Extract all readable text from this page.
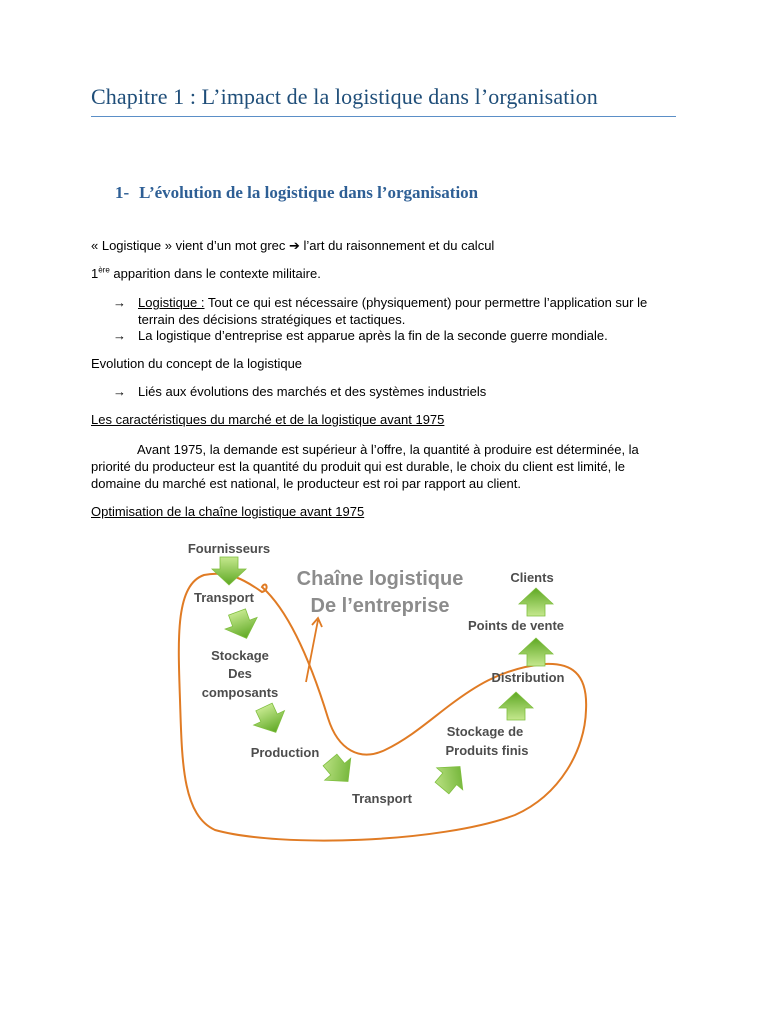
Chapitre 1 : L’impact de la logistique dans l’organisation
1- L’évolution de la logistique dans l’organisation
« Logistique » vient d’un mot grec ➔ l’art du raisonnement et du calcul
1ère apparition dans le contexte militaire.
→ Logistique : Tout ce qui est nécessaire (physiquement) pour permettre l’application sur le
terrain des décisions stratégiques et tactiques.
→ La logistique d’entreprise est apparue après la fin de la seconde guerre mondiale.
Evolution du concept de la logistique
→ Liés aux évolutions des marchés et des systèmes industriels
Les caractéristiques du marché et de la logistique avant 1975
Avant 1975, la demande est supérieur à l’offre, la quantité à produire est déterminée, la
priorité du producteur est la quantité du produit qui est durable, le choix du client est limité, le
domaine du marché est national, le producteur est roi par rapport au client.
Optimisation de la chaîne logistique avant 1975
Chaîne logistique
De l’entreprise
Fournisseurs
Transport
Stockage
Des
composants
Production
Transport
Stockage de
Produits finis
Distribution
Points de vente
Clients
